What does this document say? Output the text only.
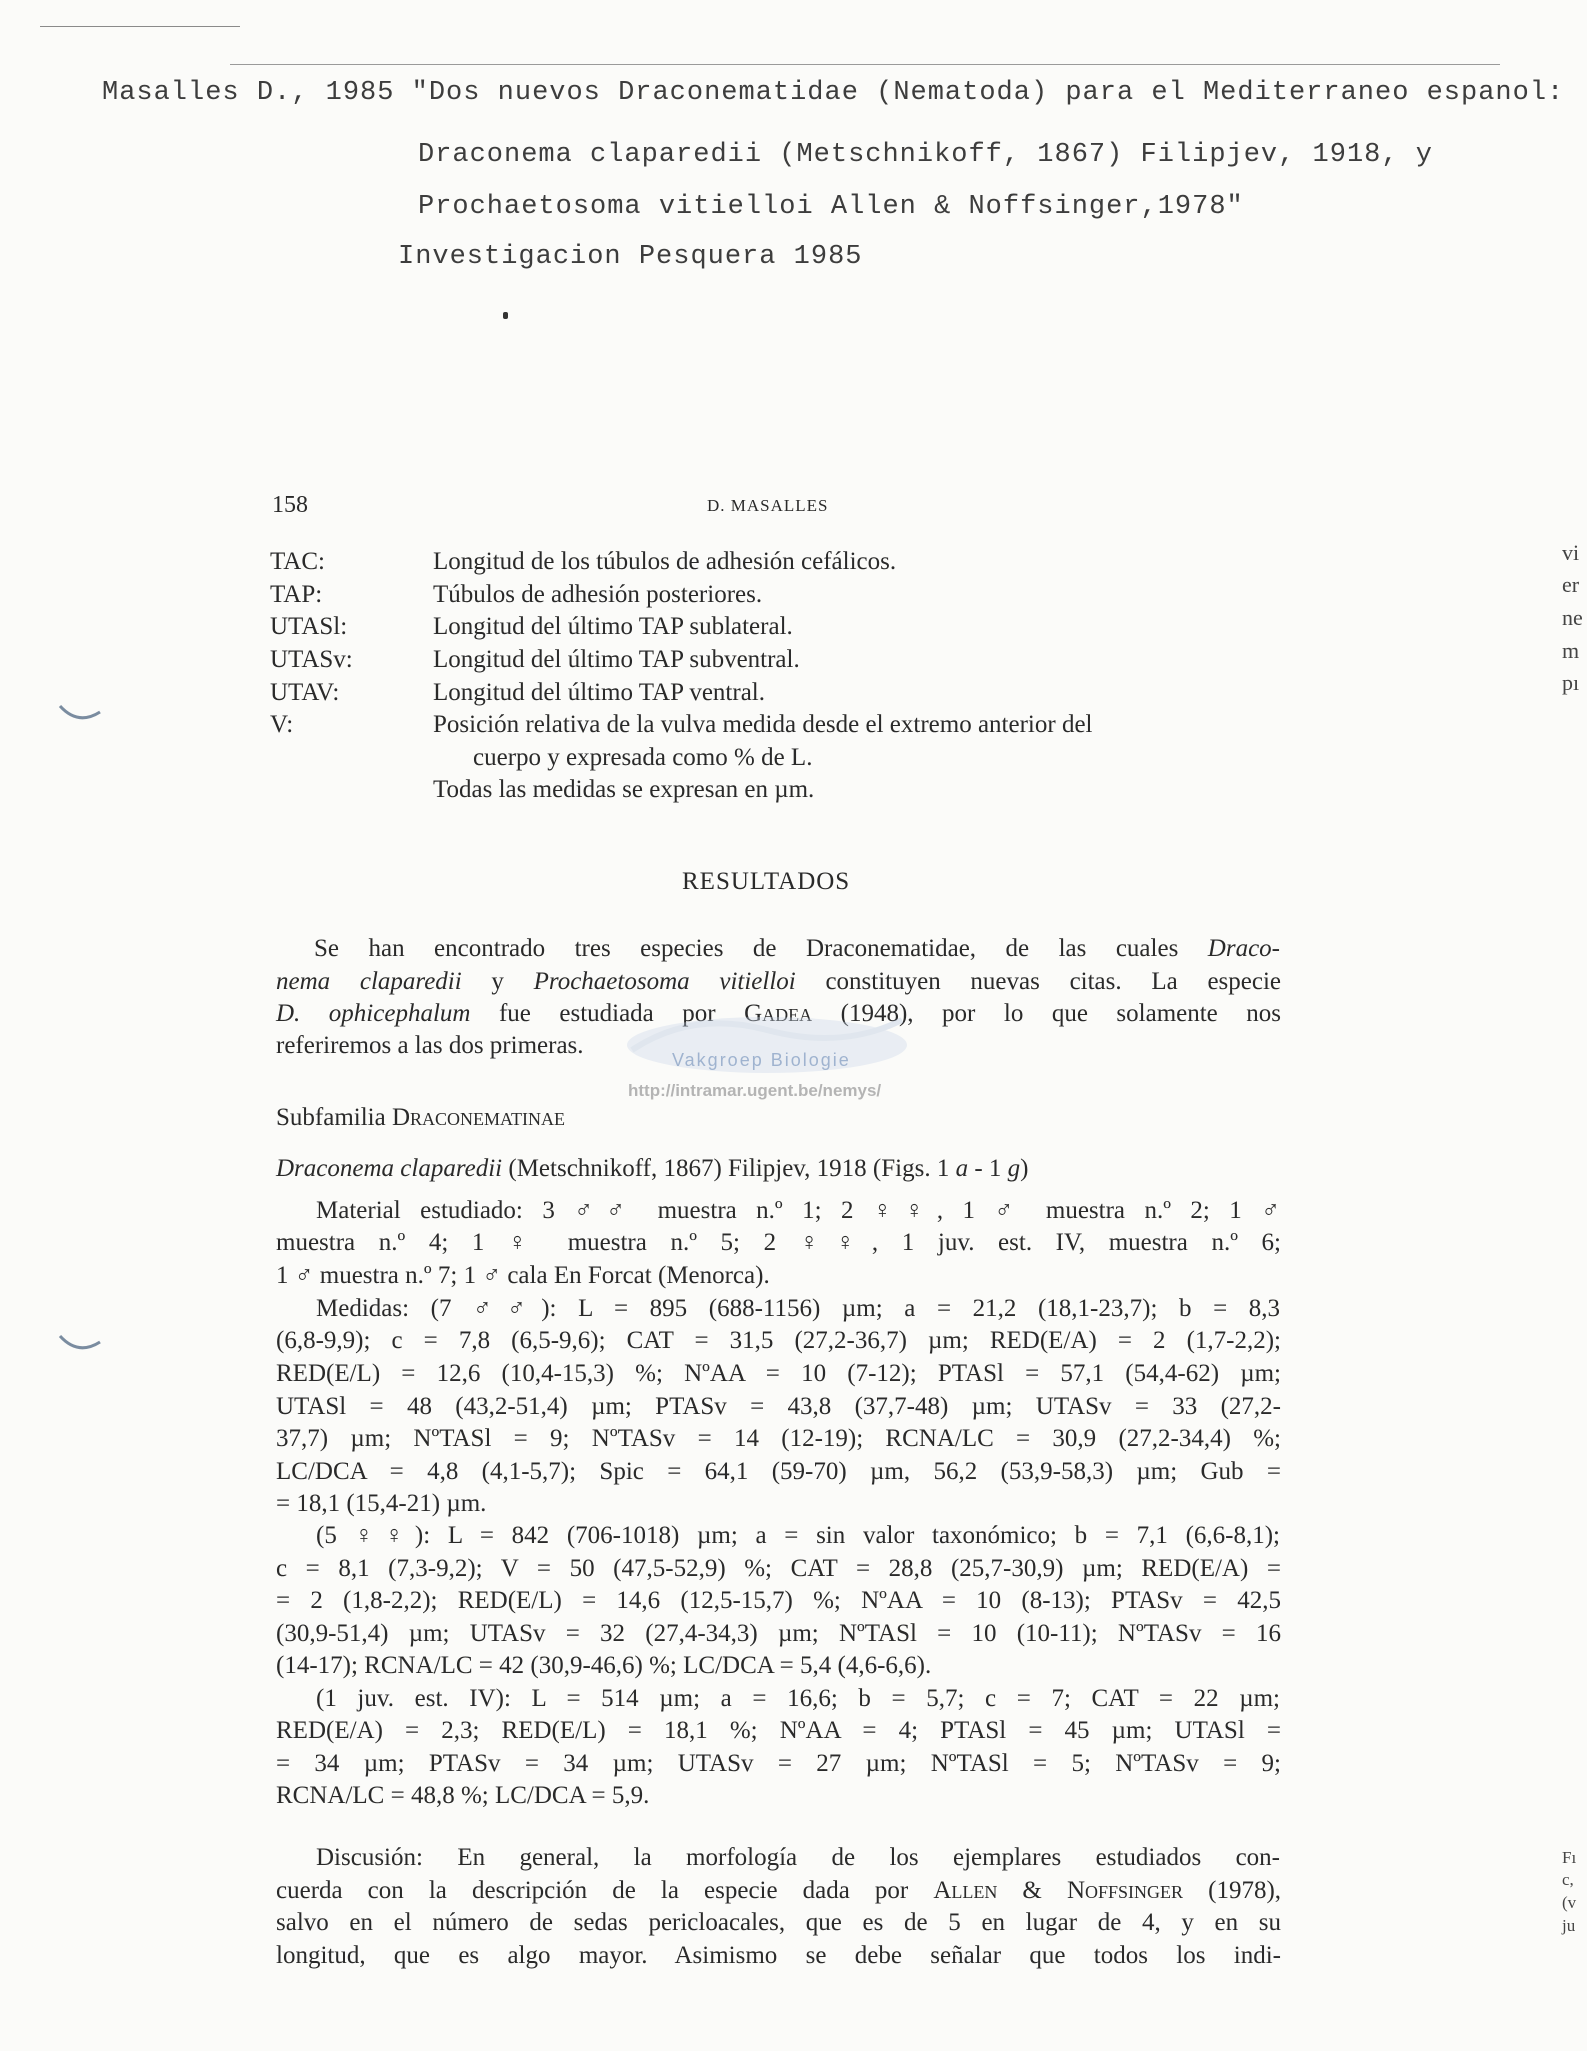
Masalles D., 1985 "Dos nuevos Draconematidae (Nematoda) para el Mediterraneo espanol:
Draconema claparedii (Metschnikoff, 1867) Filipjev, 1918, y
Prochaetosoma vitielloi Allen & Noffsinger,1978"
Investigacion Pesquera 1985
158	D. MASALLES
TAC:	Longitud de los túbulos de adhesión cefálicos.
TAP:	Túbulos de adhesión posteriores.
UTASl:	Longitud del último TAP sublateral.
UTASv:	Longitud del último TAP subventral.
UTAV:	Longitud del último TAP ventral.
V:	Posición relativa de la vulva medida desde el extremo anterior del
cuerpo y expresada como % de L.
Todas las medidas se expresan en µm.
RESULTADOS
Se han encontrado tres especies de Draconematidae, de las cuales Draco-
nema claparedii y Prochaetosoma vitielloi constituyen nuevas citas. La especie
D. ophicephalum fue estudiada por Gadea (1948), por lo que solamente nos
referiremos a las dos primeras.
Vakgroep Biologie
http://intramar.ugent.be/nemys/
Subfamilia Draconematinae
Draconema claparedii (Metschnikoff, 1867) Filipjev, 1918 (Figs. 1 a - 1 g)
Material estudiado: 3 ♂♂ muestra n.º 1; 2 ♀♀, 1 ♂ muestra n.º 2; 1 ♂
muestra n.º 4; 1 ♀ muestra n.º 5; 2 ♀♀, 1 juv. est. IV, muestra n.º 6;
1 ♂ muestra n.º 7; 1 ♂ cala En Forcat (Menorca).
Medidas: (7 ♂♂): L = 895 (688-1156) µm; a = 21,2 (18,1-23,7); b = 8,3
(6,8-9,9); c = 7,8 (6,5-9,6); CAT = 31,5 (27,2-36,7) µm; RED(E/A) = 2 (1,7-2,2);
RED(E/L) = 12,6 (10,4-15,3) %; NºAA = 10 (7-12); PTASl = 57,1 (54,4-62) µm;
UTASl = 48 (43,2-51,4) µm; PTASv = 43,8 (37,7-48) µm; UTASv = 33 (27,2-
37,7) µm; NºTASl = 9; NºTASv = 14 (12-19); RCNA/LC = 30,9 (27,2-34,4) %;
LC/DCA = 4,8 (4,1-5,7); Spic = 64,1 (59-70) µm, 56,2 (53,9-58,3) µm; Gub =
= 18,1 (15,4-21) µm.
(5 ♀♀): L = 842 (706-1018) µm; a = sin valor taxonómico; b = 7,1 (6,6-8,1);
c = 8,1 (7,3-9,2); V = 50 (47,5-52,9) %; CAT = 28,8 (25,7-30,9) µm; RED(E/A) =
= 2 (1,8-2,2); RED(E/L) = 14,6 (12,5-15,7) %; NºAA = 10 (8-13); PTASv = 42,5
(30,9-51,4) µm; UTASv = 32 (27,4-34,3) µm; NºTASl = 10 (10-11); NºTASv = 16
(14-17); RCNA/LC = 42 (30,9-46,6) %; LC/DCA = 5,4 (4,6-6,6).
(1 juv. est. IV): L = 514 µm; a = 16,6; b = 5,7; c = 7; CAT = 22 µm;
RED(E/A) = 2,3; RED(E/L) = 18,1 %; NºAA = 4; PTASl = 45 µm; UTASl =
= 34 µm; PTASv = 34 µm; UTASv = 27 µm; NºTASl = 5; NºTASv = 9;
RCNA/LC = 48,8 %; LC/DCA = 5,9.
Discusión: En general, la morfología de los ejemplares estudiados con-
cuerda con la descripción de la especie dada por Allen & Noffsinger (1978),
salvo en el número de sedas pericloacales, que es de 5 en lugar de 4, y en su
longitud, que es algo mayor. Asimismo se debe señalar que todos los indi-
vi
er
ne
m
pı
Fı
c,
(v
ju
